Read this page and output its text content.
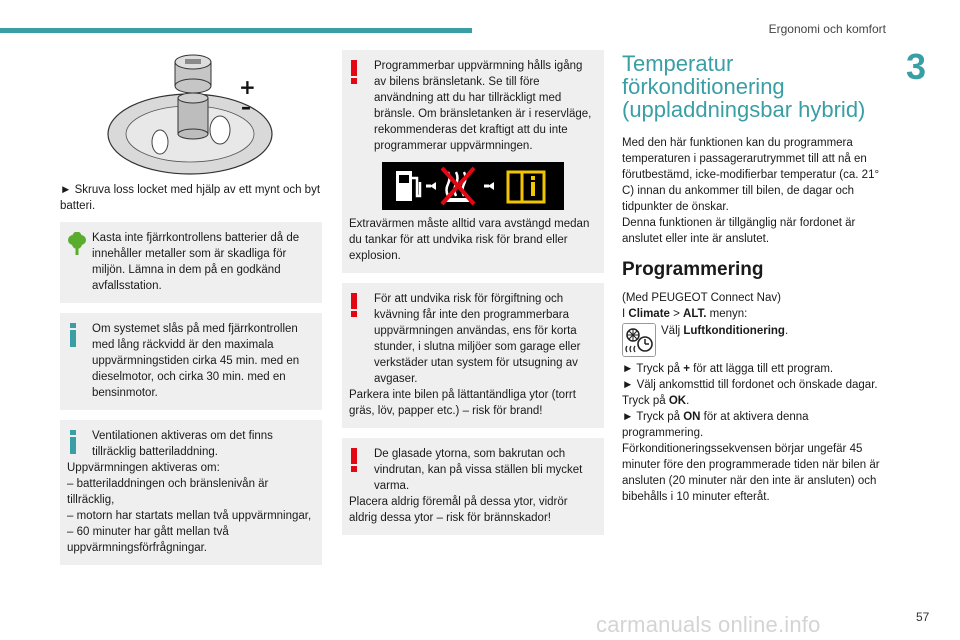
Ergonomi och komfort
3
+
–

► Skruva loss locket med hjälp av ett mynt och byt batteri.

Kasta inte fjärrkontrollens batterier då de innehåller metaller som är skadliga för miljön. Lämna in dem på en godkänd avfallsstation.

Om systemet slås på med fjärrkontrollen med lång räckvidd är den maximala uppvärmningstiden cirka 45 min. med en dieselmotor, och cirka 30 min. med en bensinmotor.

Ventilationen aktiveras om det finns tillräcklig batteriladdning.

Uppvärmningen aktiveras om:

– batteriladdningen och bränslenivån är tillräcklig,

– motorn har startats mellan två uppvärmningar,

– 60 minuter har gått mellan två uppvärmningsförfrågningar.

Programmerbar uppvärmning hålls igång av bilens bränsletank. Se till före användning att du har tillräckligt med bränsle. Om bränsletanken är i reservläge, rekommenderas det kraftigt att du inte programmerar uppvärmningen.

Extravärmen måste alltid vara avstängd medan du tankar för att undvika risk för brand eller explosion.

För att undvika risk för förgiftning och kvävning får inte den programmerbara uppvärmningen användas, ens för korta stunder, i slutna miljöer som garage eller verkstäder utan system för utsugning av avgaser.

Parkera inte bilen på lättantändliga ytor (torrt gräs, löv, papper etc.) – risk för brand!

De glasade ytorna, som bakrutan och vindrutan, kan på vissa ställen bli mycket varma.

Placera aldrig föremål på dessa ytor, vidrör aldrig dessa ytor – risk för brännskador!

Temperatur förkonditionering (uppladdningsbar hybrid)

Med den här funktionen kan du programmera temperaturen i passagerarutrymmet till att nå en förutbestämd, icke-modifierbar temperatur (ca. 21° C) innan du ankommer till bilen, de dagar och tidpunkter de önskar.

Denna funktionen är tillgänglig när fordonet är anslutet eller inte är anslutet.

Programmering

(Med PEUGEOT Connect Nav)

I Climate > ALT. menyn:

Välj Luftkonditionering.

► Tryck på + för att lägga till ett program.

► Välj ankomsttid till fordonet och önskade dagar. Tryck på OK.

► Tryck på ON för at aktivera denna programmering.

Förkonditioneringssekvensen börjar ungefär 45 minuter före den programmerade tiden när bilen är ansluten (20 minuter när den inte är ansluten) och bibehålls i 10 minuter efteråt.

carmanuals online.info	57
